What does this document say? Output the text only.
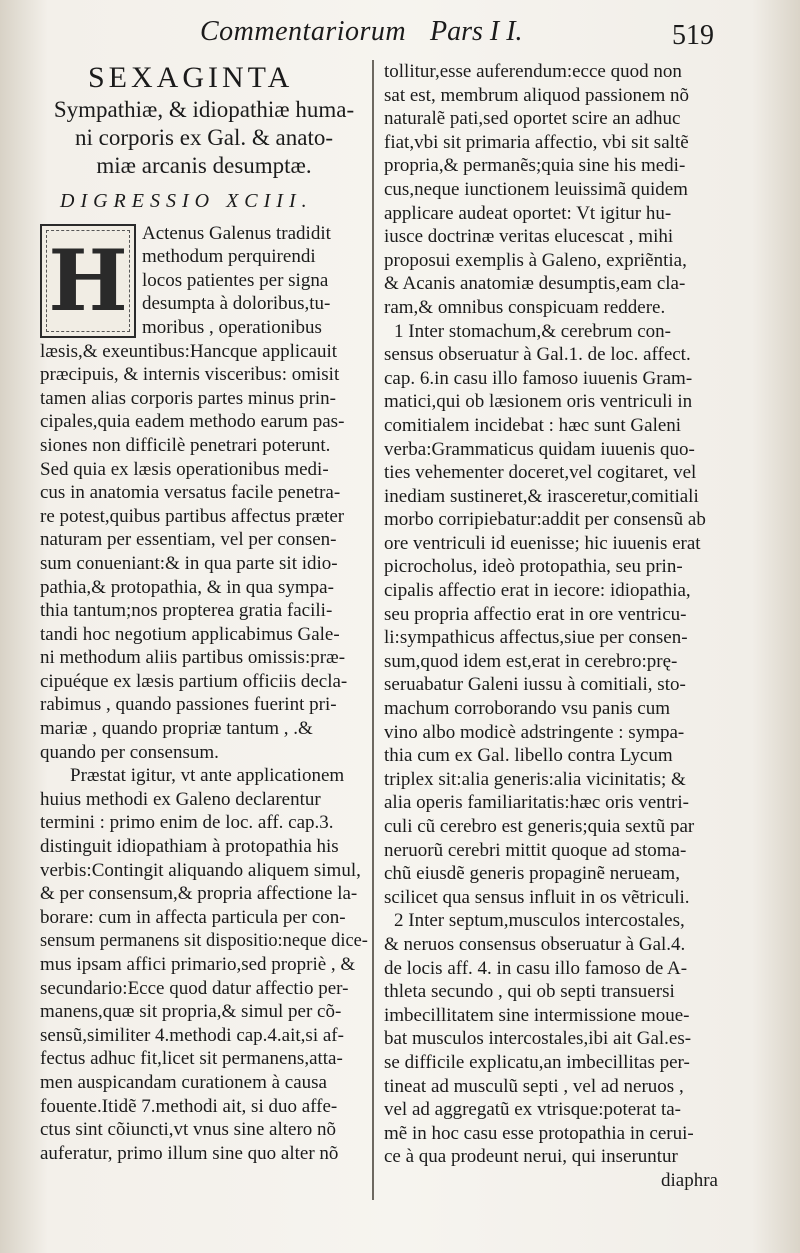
Commentariorum Pars I I.	519
SEXAGINTA
Sympathiæ, & idiopathiæ huma-
ni corporis ex Gal. & anato-
miæ arcanis desumptæ.
DIGRESSIO XCIII.
H Actenus Galenus tradidit
methodum perquirendi
locos patientes per signa
desumpta à doloribus,tu-
moribus , operationibus
læsis,& exeuntibus:Hancque applicauit
præcipuis, & internis visceribus: omisit
tamen alias corporis partes minus prin-
cipales,quia eadem methodo earum pas-
siones non difficilè penetrari poterunt.
Sed quia ex læsis operationibus medi-
cus in anatomia versatus facile penetra-
re potest,quibus partibus affectus præter
naturam per essentiam, vel per consen-
sum conueniant:& in qua parte sit idio-
pathia,& protopathia, & in qua sympa-
thia tantum;nos propterea gratia facili-
tandi hoc negotium applicabimus Gale-
ni methodum aliis partibus omissis:præ-
cipuéque ex læsis partium officiis decla-
rabimus , quando passiones fuerint pri-
mariæ , quando propriæ tantum , .&
quando per consensum.
Præstat igitur, vt ante applicationem
huius methodi ex Galeno declarentur
termini : primo enim de loc. aff. cap.3.
distinguit idiopathiam à protopathia his
verbis:Contingit aliquando aliquem simul,
& per consensum,& propria affectione la-
borare: cum in affecta particula per con-
sensum permanens sit dispositio:neque dice-
mus ipsam affici primario,sed propriè , &
secundario:Ecce quod datur affectio per-
manens,quæ sit propria,& simul per cõ-
sensũ,similiter 4.methodi cap.4.ait,si af-
fectus adhuc fit,licet sit permanens,atta-
men auspicandam curationem à causa
fouente.Itidẽ 7.methodi ait, si duo affe-
ctus sint cõiuncti,vt vnus sine altero nõ
auferatur, primo illum sine quo alter nõ
tollitur,esse auferendum:ecce quod non
sat est, membrum aliquod passionem nõ
naturalẽ pati,sed oportet scire an adhuc
fiat,vbi sit primaria affectio, vbi sit saltẽ
propria,& permanẽs;quia sine his medi-
cus,neque iunctionem leuissimã quidem
applicare audeat oportet: Vt igitur hu-
iusce doctrinæ veritas elucescat , mihi
proposui exemplis à Galeno, expriẽntia,
& Acanis anatomiæ desumptis,eam cla-
ram,& omnibus conspicuam reddere.
1 Inter stomachum,& cerebrum con-
sensus obseruatur à Gal.1. de loc. affect.
cap. 6.in casu illo famoso iuuenis Gram-
matici,qui ob læsionem oris ventriculi in
comitialem incidebat : hæc sunt Galeni
verba:Grammaticus quidam iuuenis quo-
ties vehementer doceret,vel cogitaret, vel
inediam sustineret,& irasceretur,comitiali
morbo corripiebatur:addit per consensũ ab
ore ventriculi id euenisse; hic iuuenis erat
picrocholus, ideò protopathia, seu prin-
cipalis affectio erat in iecore: idiopathia,
seu propria affectio erat in ore ventricu-
li:sympathicus affectus,siue per consen-
sum,quod idem est,erat in cerebro:prę-
seruabatur Galeni iussu à comitiali, sto-
machum corroborando vsu panis cum
vino albo modicè adstringente : sympa-
thia cum ex Gal. libello contra Lycum
triplex sit:alia generis:alia vicinitatis; &
alia operis familiaritatis:hæc oris ventri-
culi cũ cerebro est generis;quia sextũ par
neruorũ cerebri mittit quoque ad stoma-
chũ eiusdẽ generis propaginẽ neruеam,
scilicet qua sensus influit in os vẽtriculi.
2 Inter septum,musculos intercostales,
& neruos consensus obseruatur à Gal.4.
de locis aff. 4. in casu illo famoso de A-
thleta secundo , qui ob septi transuersi
imbecillitatem sine intermissione moue-
bat musculos intercostales,ibi ait Gal.es-
se difficile explicatu,an imbecillitas per-
tineat ad musculũ septi , vel ad neruos ,
vel ad aggregatũ ex vtrisque:poterat ta-
mẽ in hoc casu esse protopathia in ceruі-
ce à qua prodeunt nerui, qui inseruntur
diaphra
